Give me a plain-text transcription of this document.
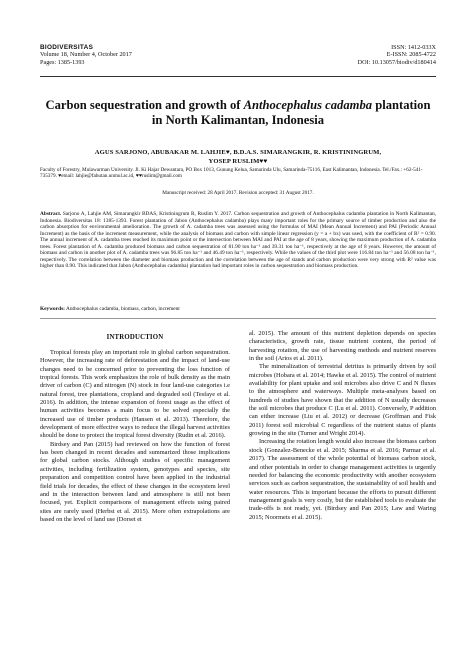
BIODIVERSITAS
Volume 18, Number 4, October 2017
Pages: 1385-1393
ISSN: 1412-033X
E-ISSN: 2085-4722
DOI: 10.13057/biodiv/d180414
Carbon sequestration and growth of Anthocephalus cadamba plantation in North Kalimantan, Indonesia
AGUS SARJONO, ABUBAKAR M. LAHJIE♥, B.D.A.S. SIMARANGKIR, R. KRISTININGRUM,
YOSEP RUSLIM♥♥
Faculty of Forestry, Mulawarman University. Jl. Ki Hajar Dewantara, PO Box 1013, Gunung Kelua, Samarinda Ulu, Samarinda-75116, East Kalimantan, Indonesia. Tel./Fax.: +62-541-735379. ♥email: lahjie@fahutan.unmul.ac.id, ♥♥ruslim@gmail.com
Manuscript received: 28 April 2017. Revision accepted: 31 August 2017.
Abstract. Sarjono A, Lahjie AM, Simarangkir BDAS, Kristiningrum R, Ruslim Y. 2017. Carbon sequestration and growth of Anthocephalus cadamba plantation in North Kalimantan, Indonesia. Biodiversitas 18: 1385-1393. Forest plantation of Jabon (Anthocephalus cadamba) plays many important roles for the primary source of timber production and also the carbon absorption for environmental amelioration. The growth of A. cadamba trees was assessed using the formulas of MAI (Mean Annual Increment) and PAI (Periodic Annual Increment) as the basis of the increment measurement, while the analysis of biomass and carbon with simple linear regression (y = a + bx) was used, with the coefficient of R² = 0.90. The annual increment of A. cadamba trees reached its maximum point or the intersection between MAI and PAI at the age of 8 years, showing the maximum production of A. cadamba trees. Forest plantation of A. cadamba produced biomass and carbon sequestration of 81.90 ton ha⁻¹ and 39.31 ton ha⁻¹, respectively at the age of 8 years. However, the amount of biomass and carbon in another plot of A. cadamba trees was 96.85 ton ha⁻¹ and 46.49 ton ha⁻¹, respectively. While the values of the third plot were 116.84 ton ha⁻¹ and 56.08 ton ha⁻¹, respectively. The correlation between the diameter and biomass production and the correlation between the age of stands and carbon production were very strong with R² value was higher than 0.90. This indicated that Jabon (Anthocephalus cadamba) plantation had important roles in carbon sequestration and biomass production.
Keywords: Anthocephalus cadamba, biomass, carbon, increment
INTRODUCTION

Tropical forests play an important role in global carbon sequestration. However, the increasing rate of deforestation and the impact of land-use changes need to be concerned prior to preventing the loss function of tropical forests. This work emphasizes the role of bulk density as the main driver of carbon (C) and nitrogen (N) stock in four land-use categories i.e natural forest, tree plantations, cropland and degraded soil (Tesfaye et al. 2016). In addition, the intense expansion of forest usage as the effect of human activities becomes a main focus to be solved especially the increased use of timber products (Hansen et al. 2013). Therefore, the development of more effective ways to reduce the illegal harvest activities should be done to protect the tropical forest diversity (Rudin et al. 2016).

Birdsey and Pan (2015) had reviewed on how the function of forest has been changed in recent decades and summarized those implications for global carbon stocks. Although studies of specific management activities, including fertilization system, genotypes and species, site preparation and competition control have been applied in the industrial field trials for decades, the effect of these changes in the ecosystem level and in the interaction between land and atmosphere is still not been focused, yet. Explicit comparisons of management effects using paired sites are rarely used (Herbst et al. 2015). More often extrapolations are based on the level of land use (Dorset et

al. 2015). The amount of this nutrient depletion depends on species characteristics, growth rate, tissue nutrient content, the period of harvesting rotation, the use of harvesting methods and nutrient reserves in the soil (Arios et al. 2011).

The mineralization of terrestrial detritus is primarily driven by soil microbes (Hobara et al. 2014; Hawke et al. 2015). The control of nutrient availability for plant uptake and soil microbes also drive C and N fluxes to the atmosphere and waterways. Multiple meta-analyses based on hundreds of studies have shown that the addition of N usually decreases the soil microbes that produce C (Lu et al. 2011). Conversely, P addition can either increase (Liu et al. 2012) or decrease (Groffman and Fisk 2011) forest soil microbial C regardless of the nutrient status of plants growing in the site (Turner and Wright 2014).

Increasing the rotation length would also increase the biomass carbon stock (Gonzalez-Benecke et al. 2015; Sharma et al. 2016; Parmar et al. 2017). The assessment of the whole potential of biomass carbon stock, and other potentials in order to change management activities is urgently needed for balancing the economic productivity with another ecosystem services such as carbon sequestration, the sustainability of soil health and water resources. This is important because the efforts to pursuit different management goals is very costly, but the established tools to evaluate the trade-offs is not ready, yet. (Birdsey and Pan 2015; Law and Waring 2015; Noormets et al. 2015).
